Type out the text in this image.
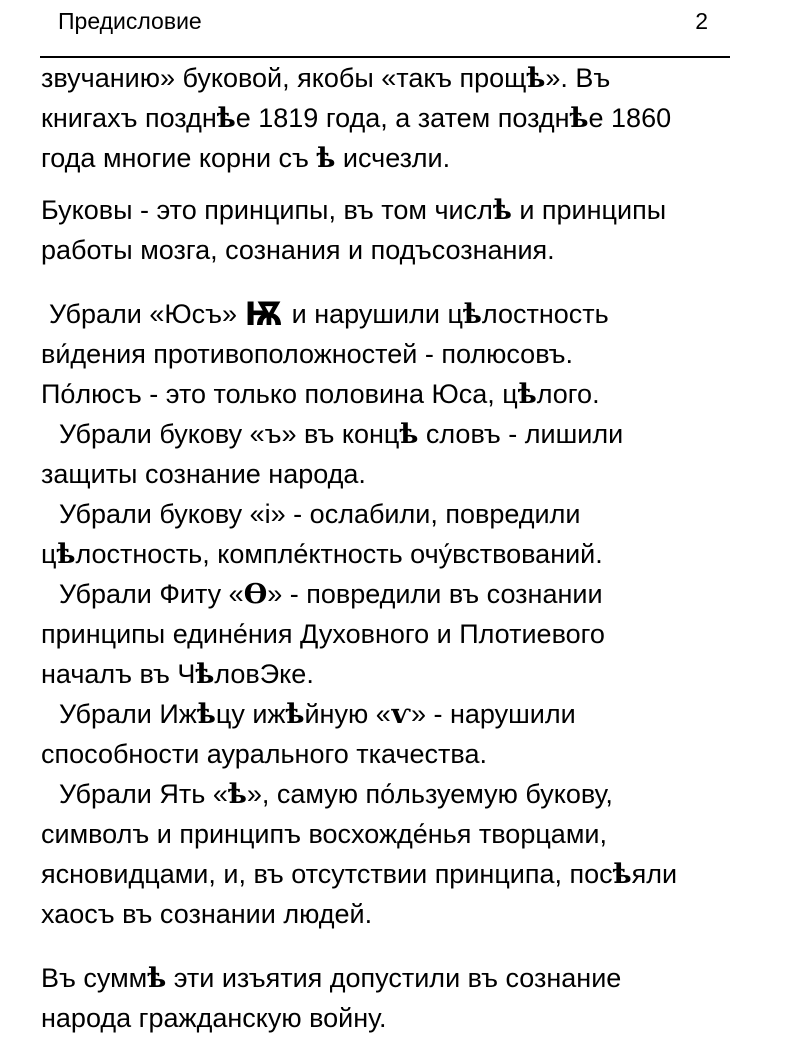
Предисловие	2
звучанию» буковой, якобы «такъ прощѣ». Въ
книгахъ позднѣе 1819 года, а затем позднѣе 1860
года многие корни съ ѣ исчезли.
Буковы - это принципы, въ том числѣ и принципы
работы мозга, сознания и подъсознания.
Убрали «Юсъ» Ѭ и нарушили цѣлостность
ви́дения противоположностей - полюсовъ.
По́люсъ - это только половина Юса, цѣлого.
Убрали букову «ъ» въ концѣ словъ - лишили
защиты сознание народа.
Убрали букову «і» - ослабили, повредили
цѣлостность, компле́ктность очу́вствований.
Убрали Фиту «Ѳ» - повредили въ сознании
принципы едине́ния Духовного и Плотиевого
началъ въ ЧѣловЭке.
Убрали Ижѣцу ижѣйную «ѵ» - нарушили
способности аурального ткачества.
Убрали Ять «ѣ», самую по́льзуемую букову,
символъ и принципъ восхожде́нья творцами,
ясновидцами, и, въ отсутствии принципа, посѣяли
хаосъ въ сознании людей.
Въ суммѣ эти изъятия допустили въ сознание
народа гражданскую войну.
